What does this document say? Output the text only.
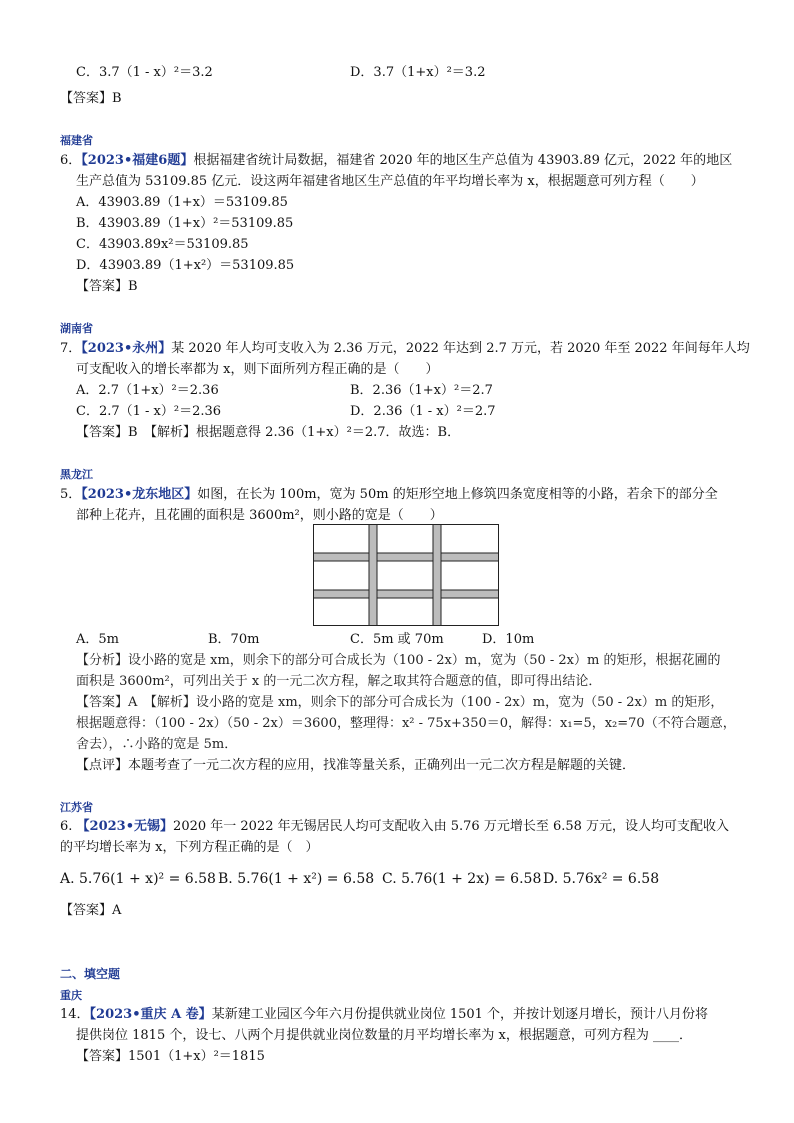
C．3.7（1 - x）²＝3.2	D．3.7（1+x）²＝3.2
【答案】B
福建省
6．【2023•福建6题】根据福建省统计局数据，福建省 2020 年的地区生产总值为 43903.89 亿元，2022 年的地区
生产总值为 53109.85 亿元．设这两年福建省地区生产总值的年平均增长率为 x，根据题意可列方程（　　）
A．43903.89（1+x）＝53109.85
B．43903.89（1+x）²＝53109.85
C．43903.89x²＝53109.85
D．43903.89（1+x²）＝53109.85
【答案】B
湖南省
7．【2023•永州】某 2020 年人均可支收入为 2.36 万元，2022 年达到 2.7 万元，若 2020 年至 2022 年间每年人均
可支配收入的增长率都为 x，则下面所列方程正确的是（　　）
A．2.7（1+x）²＝2.36	B．2.36（1+x）²＝2.7
C．2.7（1 - x）²＝2.36	D．2.36（1 - x）²＝2.7
【答案】B　【解析】根据题意得 2.36（1+x）²＝2.7．故选：B．
黑龙江
5．【2023•龙东地区】如图，在长为 100m，宽为 50m 的矩形空地上修筑四条宽度相等的小路，若余下的部分全
部种上花卉，且花圃的面积是 3600m²，则小路的宽是（　　）
A．5m	B．70m	C．5m 或 70m	D．10m
【分析】设小路的宽是 xm，则余下的部分可合成长为（100 - 2x）m，宽为（50 - 2x）m 的矩形，根据花圃的
面积是 3600m²，可列出关于 x 的一元二次方程，解之取其符合题意的值，即可得出结论．
【答案】A　【解析】设小路的宽是 xm，则余下的部分可合成长为（100 - 2x）m，宽为（50 - 2x）m 的矩形，
根据题意得：（100 - 2x）（50 - 2x）＝3600，整理得：x² - 75x+350＝0，解得：x₁=5，x₂=70（不符合题意，
舍去），∴小路的宽是 5m．
【点评】本题考查了一元二次方程的应用，找准等量关系，正确列出一元二次方程是解题的关键．
江苏省
6. 【2023•无锡】2020 年一 2022 年无锡居民人均可支配收入由 5.76 万元增长至 6.58 万元，设人均可支配收入
的平均增长率为 x，下列方程正确的是（　）
A. 5.76(1 + x)² = 6.58 B. 5.76(1 + x²) = 6.58 C. 5.76(1 + 2x) = 6.58 D. 5.76x² = 6.58
【答案】A
二、填空题
重庆
14．【2023•重庆 A 卷】某新建工业园区今年六月份提供就业岗位 1501 个，并按计划逐月增长，预计八月份将
提供岗位 1815 个，设七、八两个月提供就业岗位数量的月平均增长率为 x，根据题意，可列方程为 ____．
【答案】1501（1+x）²＝1815
